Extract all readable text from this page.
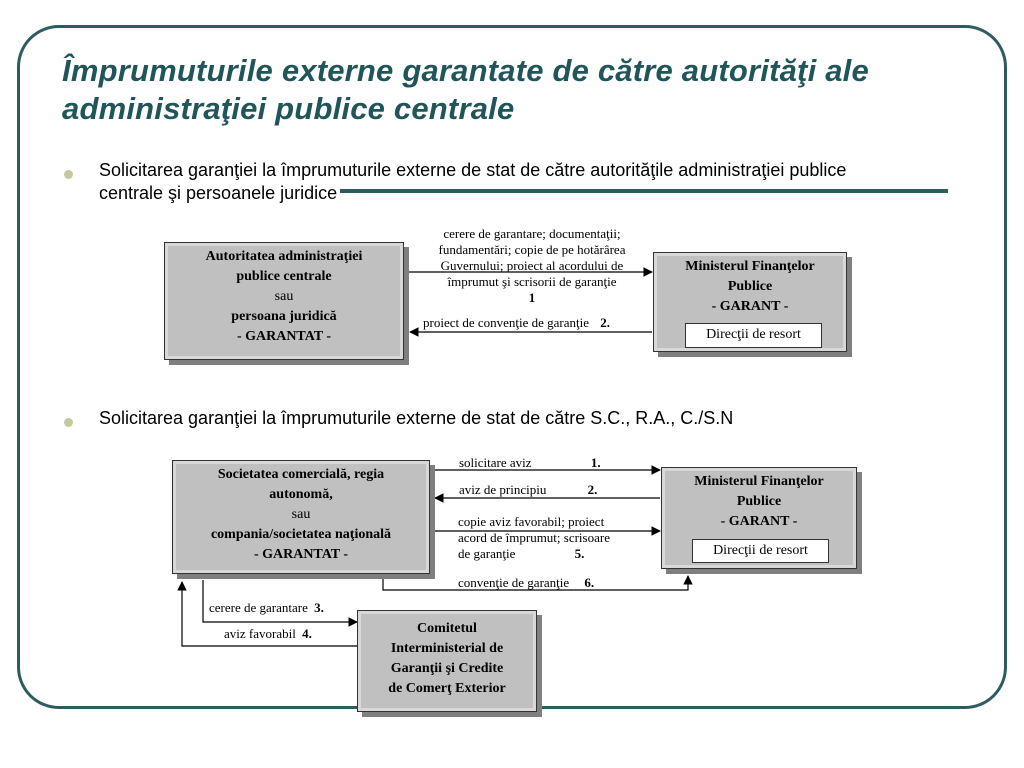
Împrumuturile externe garantate de către autorităţi ale administraţiei publice centrale

Solicitarea garanţiei la împrumuturile externe de stat de către autorităţile administraţiei publice centrale şi persoanele juridice

Solicitarea garanţiei la împrumuturile externe de stat de către S.C., R.A., C./S.N

Autoritatea administraţiei
publice centrale
sau
persoana juridică
- GARANTAT -
Ministerul Finanţelor
Publice
- GARANT -
Direcţii de resort
cerere de garantare; documentaţii;
fundamentări; copie de pe hotărârea
Guvernului; proiect al acordului de
împrumut şi scrisorii de garanţie
1
proiect de convenţie de garanţie 2.
Societatea comercială, regia
autonomă,
sau
compania/societatea naţională
- GARANTAT -
Ministerul Finanţelor
Publice
- GARANT -
Direcţii de resort
Comitetul
Interministerial de
Garanţii şi Credite
de Comerţ Exterior
solicitare aviz	1.
aviz de principiu	2.
copie aviz favorabil; proiect
acord de împrumut; scrisoare
de garanţie	5.
convenţie de garanţie 6.
cerere de garantare 3.
aviz favorabil 4.
